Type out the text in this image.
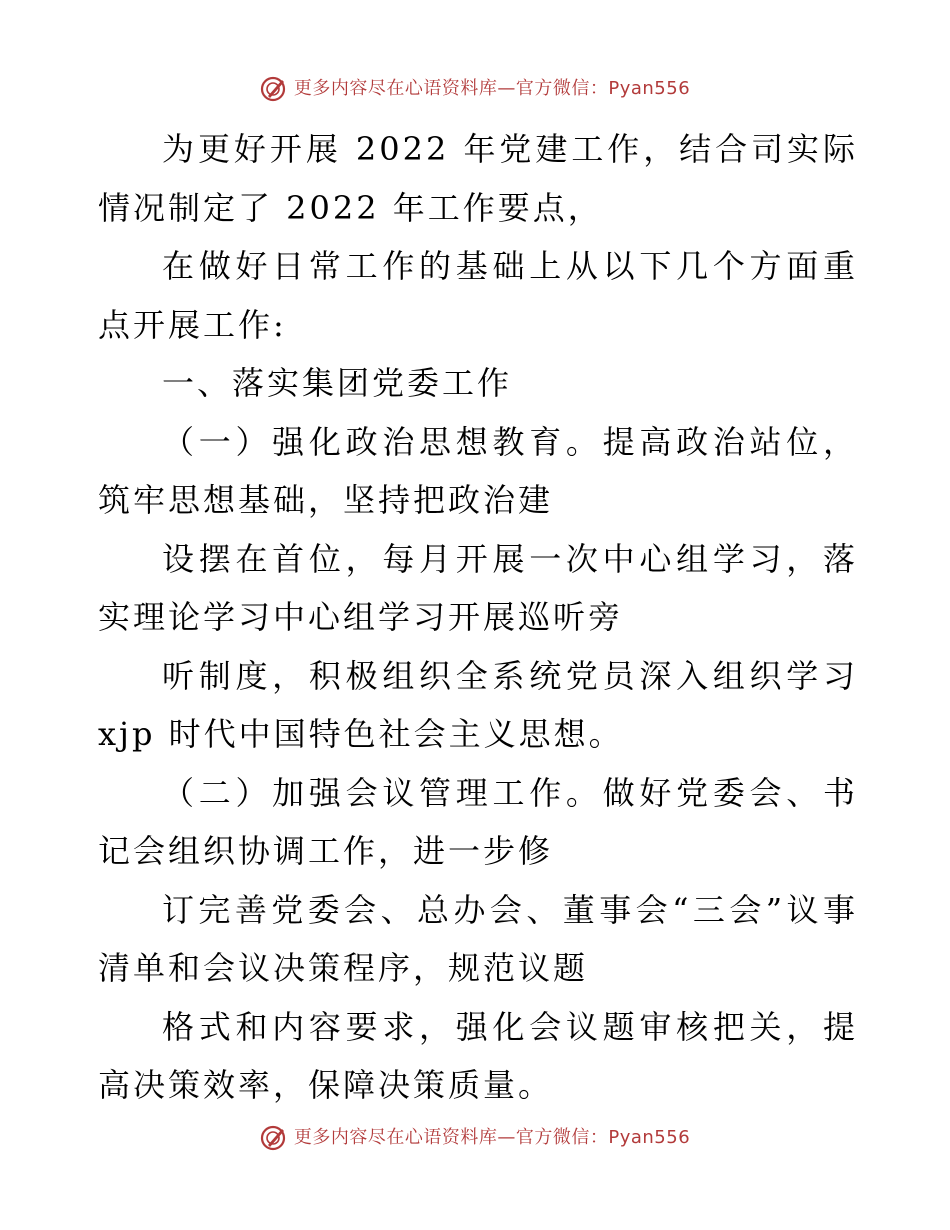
更多内容尽在心语资料库—官方微信：Pyan556

为更好开展 2022 年党建工作，结合司实际情况制定了 2022 年工作要点，

在做好日常工作的基础上从以下几个方面重点开展工作:

一、落实集团党委工作

（一）强化政治思想教育。提高政治站位，筑牢思想基础，坚持把政治建

设摆在首位，每月开展一次中心组学习，落实理论学习中心组学习开展巡听旁

听制度，积极组织全系统党员深入组织学习 xjp 时代中国特色社会主义思想。

（二）加强会议管理工作。做好党委会、书记会组织协调工作，进一步修

订完善党委会、总办会、董事会“三会”议事清单和会议决策程序，规范议题

格式和内容要求，强化会议题审核把关，提高决策效率，保障决策质量。

更多内容尽在心语资料库—官方微信：Pyan556
